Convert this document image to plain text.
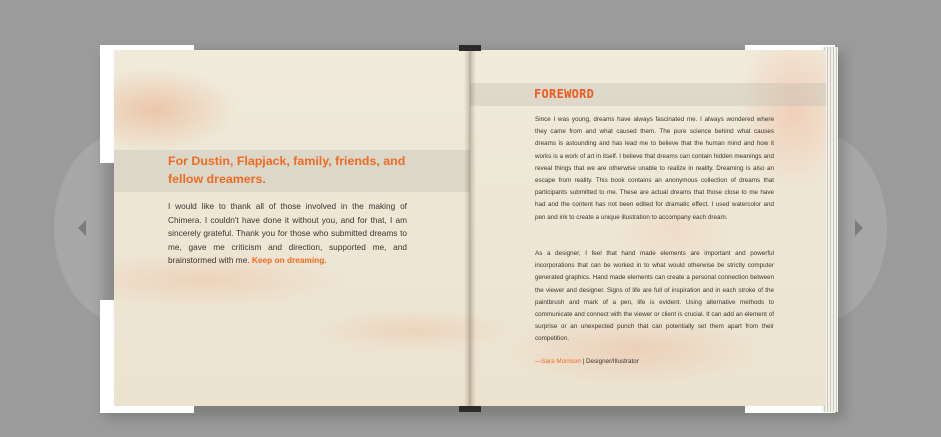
For Dustin, Flapjack, family, friends, and fellow dreamers.
I would like to thank all of those involved in the making of Chimera. I couldn't have done it without you, and for that, I am sincerely grateful. Thank you for those who submitted dreams to me, gave me criticism and direction, supported me, and brainstormed with me. Keep on dreaming.
FOREWORD
Since I was young, dreams have always fascinated me. I always wondered where they came from and what caused them. The pure science behind what causes dreams is astounding and has lead me to believe that the human mind and how it works is a work of art in itself. I believe that dreams can contain hidden meanings and reveal things that we are otherwise unable to realize in reality. Dreaming is also an escape from reality. This book contains an anonymous collection of dreams that participants submitted to me. These are actual dreams that those close to me have had and the content has not been edited for dramatic effect. I used watercolor and pen and ink to create a unique illustration to accompany each dream.
As a designer, I feel that hand made elements are important and powerful incorporations that can be worked in to what would otherwise be strictly computer generated graphics. Hand made elements can create a personal connection between the viewer and designer. Signs of life are full of inspiration and in each stroke of the paintbrush and mark of a pen, life is evident. Using alternative methods to communicate and connect with the viewer or client is crucial. It can add an element of surprise or an unexpected punch that can potentially set them apart from their competition.
—Sara Morrison | Designer/Illustrator
